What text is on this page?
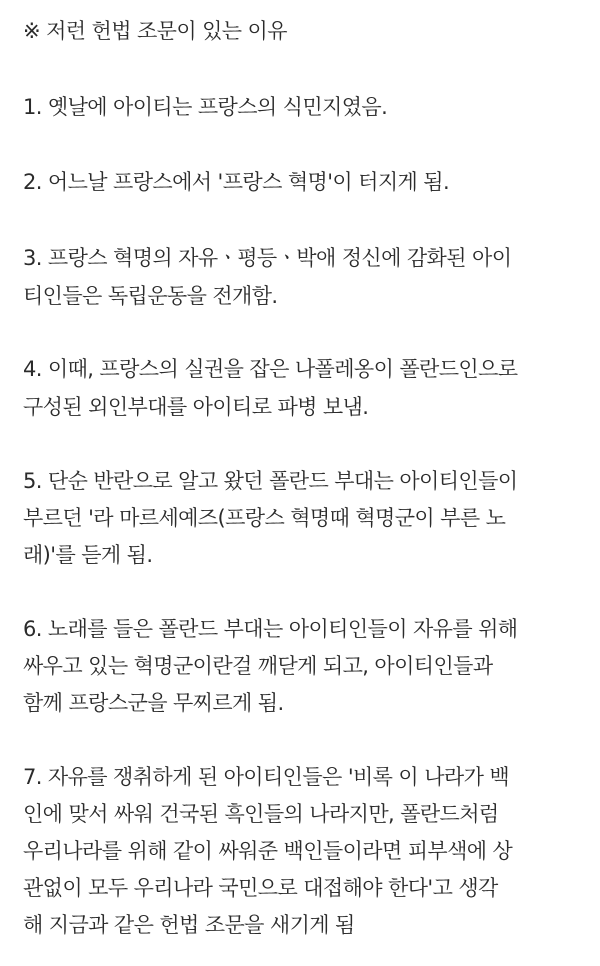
※ 저런 헌법 조문이 있는 이유
1. 옛날에 아이티는 프랑스의 식민지였음.
2. 어느날 프랑스에서 '프랑스 혁명'이 터지게 됨.
3. 프랑스 혁명의 자유ㆍ평등ㆍ박애 정신에 감화된 아이
티인들은 독립운동을 전개함.
4. 이때, 프랑스의 실권을 잡은 나폴레옹이 폴란드인으로
구성된 외인부대를 아이티로 파병 보냄.
5. 단순 반란으로 알고 왔던 폴란드 부대는 아이티인들이
부르던 '라 마르세예즈(프랑스 혁명때 혁명군이 부른 노
래)'를 듣게 됨.
6. 노래를 들은 폴란드 부대는 아이티인들이 자유를 위해
싸우고 있는 혁명군이란걸 깨닫게 되고, 아이티인들과
함께 프랑스군을 무찌르게 됨.
7. 자유를 쟁취하게 된 아이티인들은 '비록 이 나라가 백
인에 맞서 싸워 건국된 흑인들의 나라지만, 폴란드처럼
우리나라를 위해 같이 싸워준 백인들이라면 피부색에 상
관없이 모두 우리나라 국민으로 대접해야 한다'고 생각
해 지금과 같은 헌법 조문을 새기게 됨
